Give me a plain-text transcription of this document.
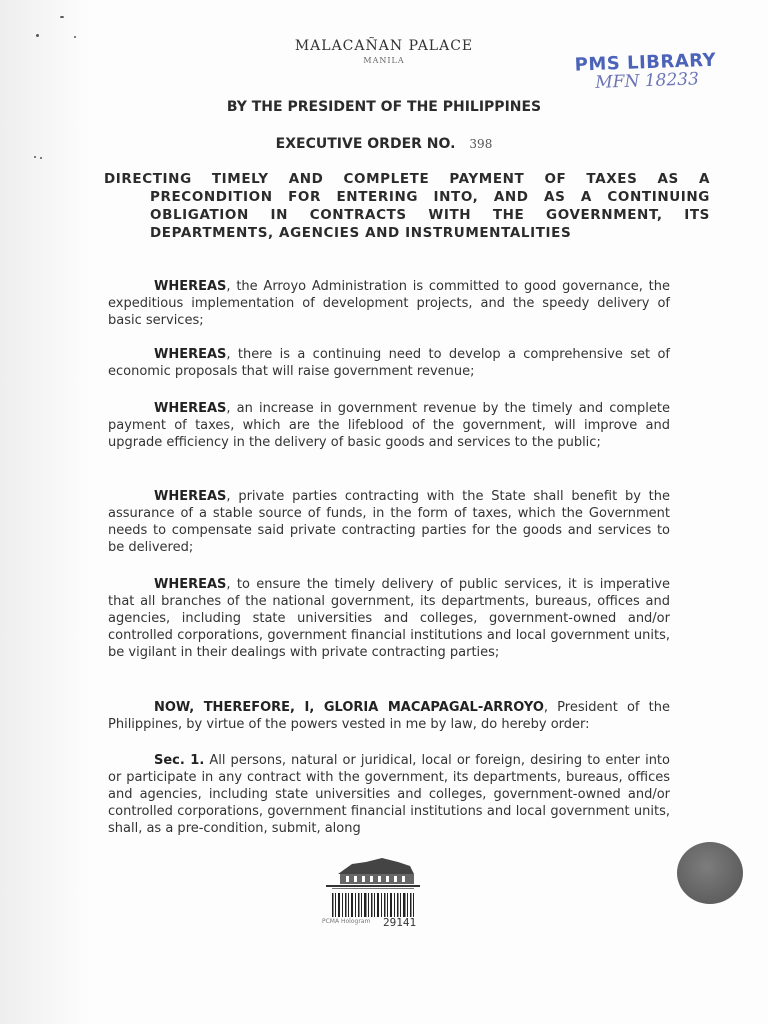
MALACAÑAN PALACE
MANILA	PMS LIBRARY
MFN 18233
BY THE PRESIDENT OF THE PHILIPPINES
EXECUTIVE ORDER NO. 398
DIRECTING TIMELY AND COMPLETE PAYMENT OF TAXES AS A PRECONDITION FOR ENTERING INTO, AND AS A CONTINUING OBLIGATION IN CONTRACTS WITH THE GOVERNMENT, ITS DEPARTMENTS, AGENCIES AND INSTRUMENTALITIES
WHEREAS, the Arroyo Administration is committed to good governance, the expeditious implementation of development projects, and the speedy delivery of basic services;
WHEREAS, there is a continuing need to develop a comprehensive set of economic proposals that will raise government revenue;
WHEREAS, an increase in government revenue by the timely and complete payment of taxes, which are the lifeblood of the government, will improve and upgrade efficiency in the delivery of basic goods and services to the public;
WHEREAS, private parties contracting with the State shall benefit by the assurance of a stable source of funds, in the form of taxes, which the Government needs to compensate said private contracting parties for the goods and services to be delivered;
WHEREAS, to ensure the timely delivery of public services, it is imperative that all branches of the national government, its departments, bureaus, offices and agencies, including state universities and colleges, government-owned and/or controlled corporations, government financial institutions and local government units, be vigilant in their dealings with private contracting parties;
NOW, THEREFORE, I, GLORIA MACAPAGAL-ARROYO, President of the Philippines, by virtue of the powers vested in me by law, do hereby order:
Sec. 1. All persons, natural or juridical, local or foreign, desiring to enter into or participate in any contract with the government, its departments, bureaus, offices and agencies, including state universities and colleges, government-owned and/or controlled corporations, government financial institutions and local government units, shall, as a pre-condition, submit, along
PCMA Hologram 29141
